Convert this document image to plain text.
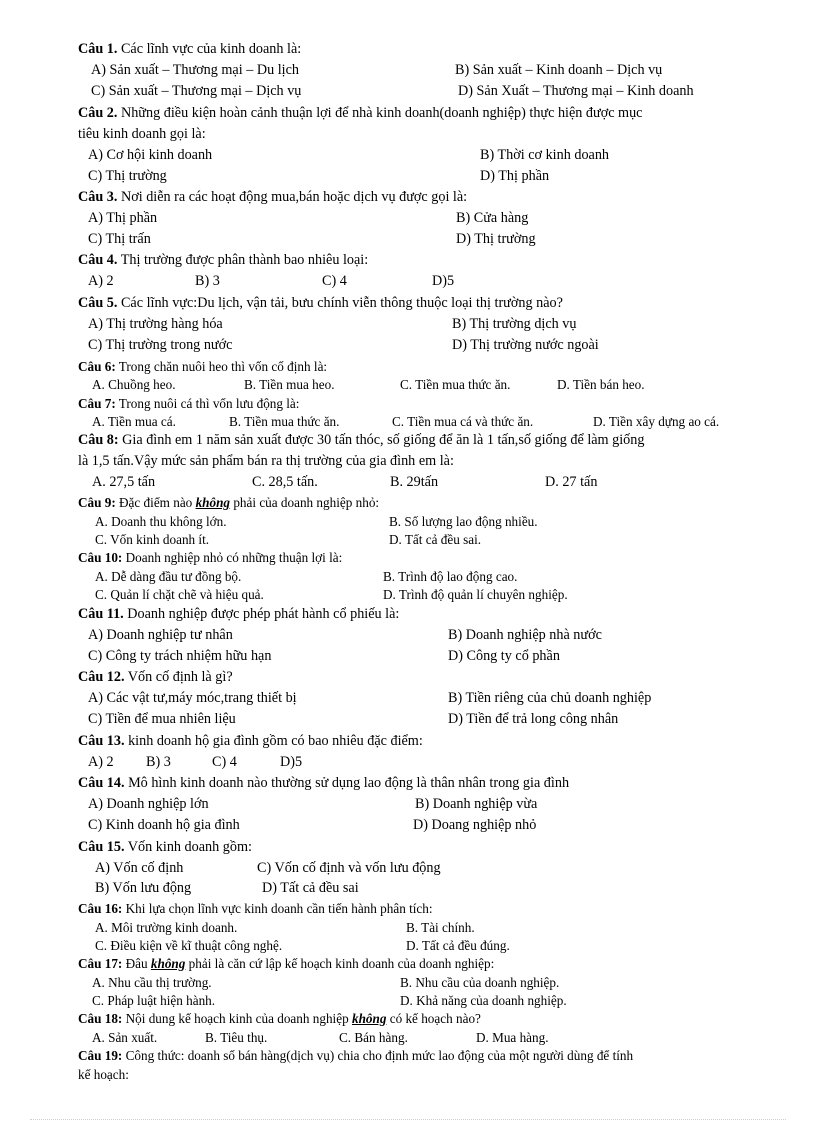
Câu 1. Các lĩnh vực của kinh doanh là:
A) Sản xuất – Thương mại – Du lịch	B) Sản xuất – Kinh doanh – Dịch vụ
C) Sản xuất – Thương mại – Dịch vụ	D) Sản Xuất – Thương mại – Kinh doanh
Câu 2. Những điều kiện hoàn cảnh thuận lợi để nhà kinh doanh(doanh nghiệp) thực hiện được mục
tiêu kinh doanh gọi là:
A) Cơ hội kinh doanh	B) Thời cơ kinh doanh
C) Thị trường	D) Thị phần
Câu 3. Nơi diễn ra các hoạt động mua,bán hoặc dịch vụ được gọi là:
A) Thị phần	B) Cửa hàng
C) Thị trấn	D) Thị trường
Câu 4. Thị trường được phân thành bao nhiêu loại:
A) 2	B) 3	C) 4	D)5
Câu 5. Các lĩnh vực:Du lịch, vận tải, bưu chính viễn thông thuộc loại thị trường nào?
A) Thị trường hàng hóa	B) Thị trường dịch vụ
C) Thị trường trong nước	D) Thị trường nước ngoài
Câu 6: Trong chăn nuôi heo thì vốn cố định là:
A. Chuồng heo.	B. Tiền mua heo.	C. Tiền mua thức ăn.	D. Tiền bán heo.
Câu 7: Trong nuôi cá thì vốn lưu động là:
A. Tiền mua cá.	B. Tiền mua thức ăn.	C. Tiền mua cá và thức ăn.	D. Tiền xây dựng ao cá.
Câu 8: Gia đình em 1 năm sản xuất được 30 tấn thóc, số giống để ăn là 1 tấn,số giống để làm giống
là 1,5 tấn.Vậy mức sản phẩm bán ra thị trường của gia đình em là:
A. 27,5 tấn	C. 28,5 tấn.	B. 29tấn	D. 27 tấn
Câu 9: Đặc điểm nào không phải của doanh nghiệp nhỏ:
A. Doanh thu không lớn.	B. Số lượng lao động nhiều.
C. Vốn kinh doanh ít.	D. Tất cả đều sai.
Câu 10: Doanh nghiệp nhỏ có những thuận lợi là:
A. Dễ dàng đầu tư đồng bộ.	B. Trình độ lao động cao.
C. Quản lí chặt chẽ và hiệu quả.	D. Trình độ quản lí chuyên nghiệp.
Câu 11. Doanh nghiệp được phép phát hành cổ phiếu là:
A) Doanh nghiệp tư nhân	B) Doanh nghiệp nhà nước
C) Công ty trách nhiệm hữu hạn	D) Công ty cổ phần
Câu 12. Vốn cố định là gì?
A) Các vật tư,máy móc,trang thiết bị	B) Tiền riêng của chủ doanh nghiệp
C) Tiền để mua nhiên liệu	D) Tiền để trả long công nhân
Câu 13. kinh doanh hộ gia đình gồm có bao nhiêu đặc điểm:
A) 2 B) 3	C) 4	D)5
Câu 14. Mô hình kinh doanh nào thường sử dụng lao động là thân nhân trong gia đình
A) Doanh nghiệp lớn	B) Doanh nghiệp vừa
C) Kinh doanh hộ gia đình	D) Doang nghiệp nhỏ
Câu 15. Vốn kinh doanh gồm:
A) Vốn cố định	C) Vốn cố định và vốn lưu động
B) Vốn lưu động	D) Tất cả đều sai
Câu 16: Khi lựa chọn lĩnh vực kinh doanh cần tiến hành phân tích:
A. Môi trường kinh doanh.	B. Tài chính.
C. Điều kiện về kĩ thuật công nghệ.	D. Tất cả đều đúng.
Câu 17: Đâu không phải là căn cứ lập kế hoạch kinh doanh của doanh nghiệp:
A. Nhu cầu thị trường.	B. Nhu cầu của doanh nghiệp.
C. Pháp luật hiện hành.	D. Khả năng của doanh nghiệp.
Câu 18: Nội dung kế hoạch kinh của doanh nghiệp không có kế hoạch nào?
A. Sản xuất.	B. Tiêu thụ.	C. Bán hàng.	D. Mua hàng.
Câu 19: Công thức: doanh số bán hàng(dịch vụ) chia cho định mức lao động của một người dùng để tính
kế hoạch:
